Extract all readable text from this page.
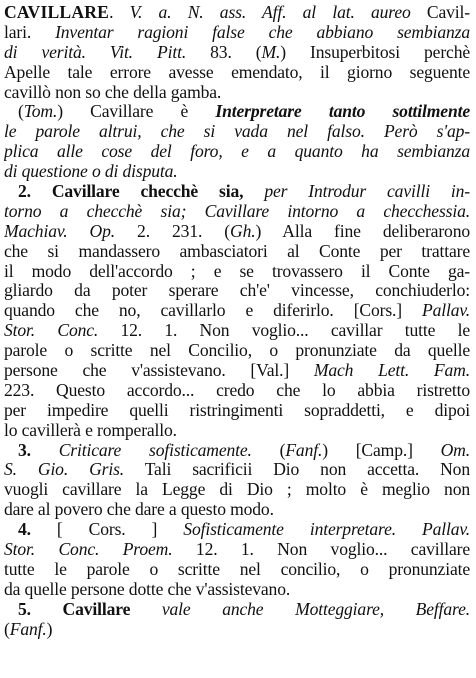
CAVILLARE. V. a. N. ass. Aff. al lat. aureo Cavil-
lari. Inventar ragioni false che abbiano sembianza
di verità. Vit. Pitt. 83. (M.) Insuperbitosi perchè
Apelle tale errore avesse emendato, il giorno seguente
cavillò non so che della gamba.
(Tom.) Cavillare è Interpretare tanto sottilmente
le parole altrui, che si vada nel falso. Però s'ap-
plica alle cose del foro, e a quanto ha sembianza
di questione o di disputa.
2. Cavillare checchè sia, per Introdur cavilli in-
torno a checchè sia; Cavillare intorno a checchessia.
Machiav. Op. 2. 231. (Gh.) Alla fine deliberarono
che si mandassero ambasciatori al Conte per trattare
il modo dell'accordo ; e se trovassero il Conte ga-
gliardo da poter sperare ch'e' vincesse, conchiuderlo:
quando che no, cavillarlo e diferirlo. [Cors.] Pallav.
Stor. Conc. 12. 1. Non voglio... cavillar tutte le
parole o scritte nel Concilio, o pronunziate da quelle
persone che v'assistevano. [Val.] Mach Lett. Fam.
223. Questo accordo... credo che lo abbia ristretto
per impedire quelli ristringimenti sopraddetti, e dipoi
lo cavillerà e romperallo.
3. Criticare sofisticamente. (Fanf.) [Camp.] Om.
S. Gio. Gris. Tali sacrificii Dio non accetta. Non
vuogli cavillare la Legge di Dio ; molto è meglio non
dare al povero che dare a questo modo.
4. [ Cors. ] Sofisticamente interpretare. Pallav.
Stor. Conc. Proem. 12. 1. Non voglio... cavillare
tutte le parole o scritte nel concilio, o pronunziate
da quelle persone dotte che v'assistevano.
5. Cavillare vale anche Motteggiare, Beffare.
(Fanf.)
